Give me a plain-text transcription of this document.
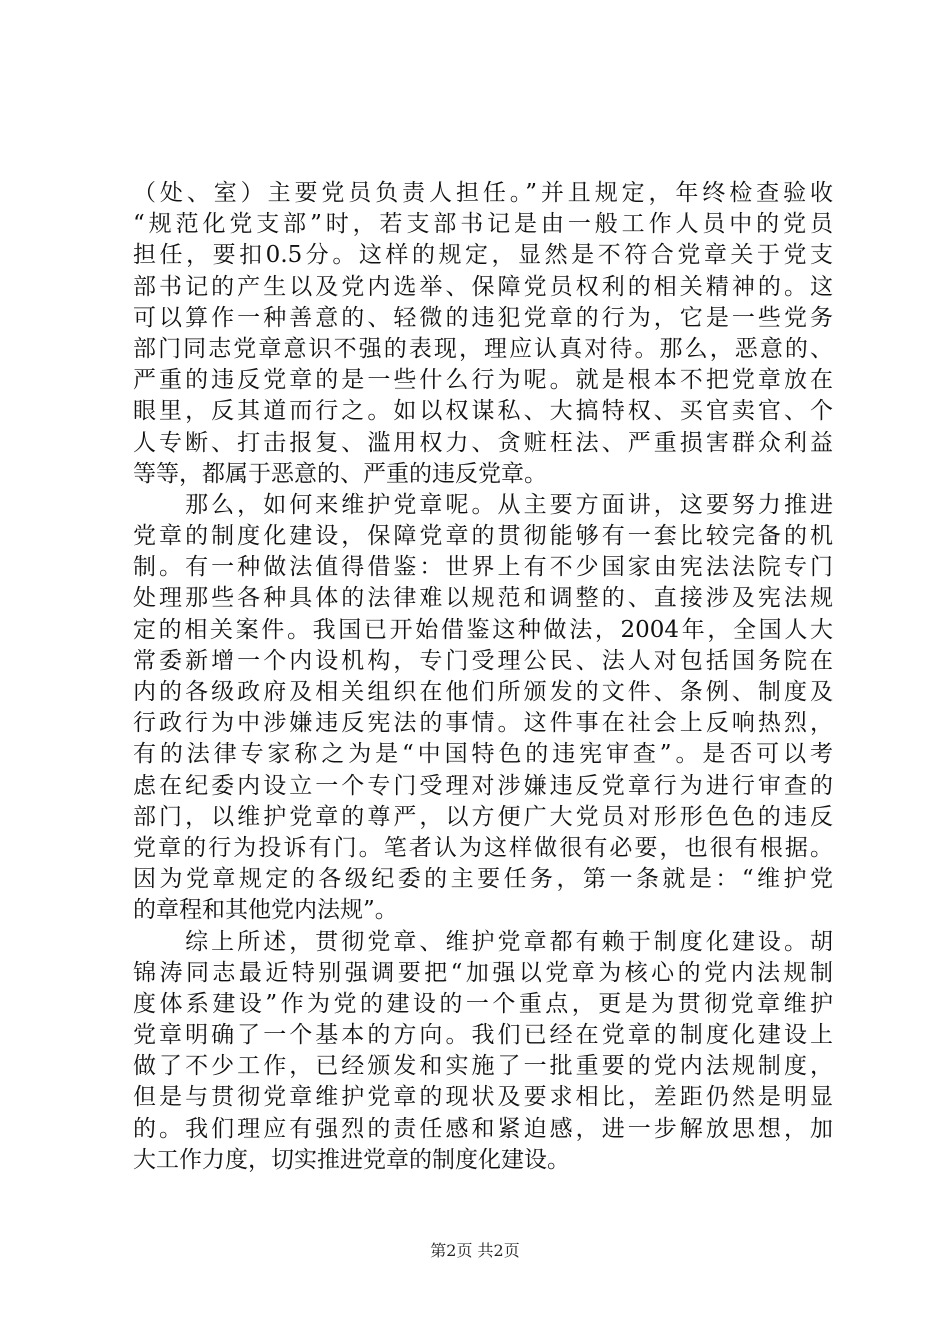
（处、室）主要党员负责人担任。”并且规定，年终检查验收
“规范化党支部”时，若支部书记是由一般工作人员中的党员
担任，要扣0.5分。这样的规定，显然是不符合党章关于党支
部书记的产生以及党内选举、保障党员权利的相关精神的。这
可以算作一种善意的、轻微的违犯党章的行为，它是一些党务
部门同志党章意识不强的表现，理应认真对待。那么，恶意的、
严重的违反党章的是一些什么行为呢。就是根本不把党章放在
眼里，反其道而行之。如以权谋私、大搞特权、买官卖官、个
人专断、打击报复、滥用权力、贪赃枉法、严重损害群众利益
等等，都属于恶意的、严重的违反党章。
　　那么，如何来维护党章呢。从主要方面讲，这要努力推进
党章的制度化建设，保障党章的贯彻能够有一套比较完备的机
制。有一种做法值得借鉴：世界上有不少国家由宪法法院专门
处理那些各种具体的法律难以规范和调整的、直接涉及宪法规
定的相关案件。我国已开始借鉴这种做法，2004年，全国人大
常委新增一个内设机构，专门受理公民、法人对包括国务院在
内的各级政府及相关组织在他们所颁发的文件、条例、制度及
行政行为中涉嫌违反宪法的事情。这件事在社会上反响热烈，
有的法律专家称之为是“中国特色的违宪审查”。是否可以考
虑在纪委内设立一个专门受理对涉嫌违反党章行为进行审查的
部门，以维护党章的尊严，以方便广大党员对形形色色的违反
党章的行为投诉有门。笔者认为这样做很有必要，也很有根据。
因为党章规定的各级纪委的主要任务，第一条就是：“维护党
的章程和其他党内法规”。
　　综上所述，贯彻党章、维护党章都有赖于制度化建设。胡
锦涛同志最近特别强调要把“加强以党章为核心的党内法规制
度体系建设”作为党的建设的一个重点，更是为贯彻党章维护
党章明确了一个基本的方向。我们已经在党章的制度化建设上
做了不少工作，已经颁发和实施了一批重要的党内法规制度，
但是与贯彻党章维护党章的现状及要求相比，差距仍然是明显
的。我们理应有强烈的责任感和紧迫感，进一步解放思想，加
大工作力度，切实推进党章的制度化建设。
第2页 共2页
